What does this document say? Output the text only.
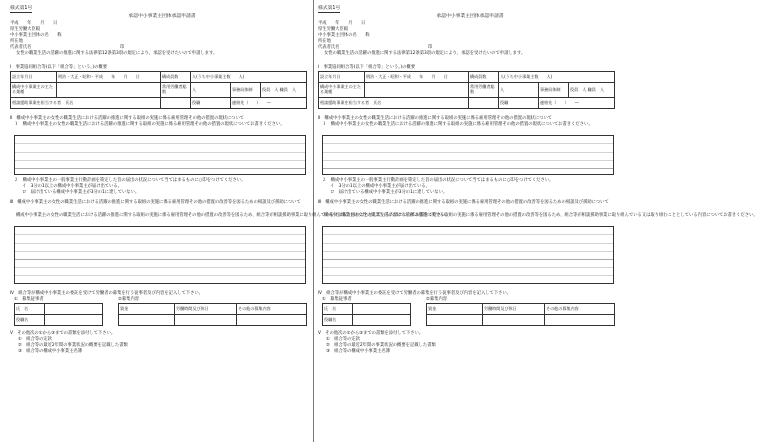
様式第1号
承認中小事業主団体承認申請書
平成　　年　　月　　日
厚生労働大臣殿
中小事業主団体の名　　称
所在地
代表者氏名	印
女性の職業生活の活躍の推進に関する法律第12条第3項の規定により、承認を受けたいので申請します。
Ⅰ　事業協同組合等(以下「組合等」という。)の概要
設立年月日	明治・大正・昭和・平成　　年　　月　　日	構成員数	人(うち中小事業主数　　人)		
構成中小事業主の主たる業種		常用労働者総数	人	事務局体制	役員　人 職員　人
相談援助事業を担当する者　 氏名			役職	連絡先（　　）　　―	
Ⅱ　構成中小事業主の女性の職業生活における活躍の推進に関する取組の実施に係る雇用管理その他の措置の現状について
１　構成中小事業主の女性の職業生活における活躍の推進に関する取組の実施に係る雇用管理その他の措置の現状についてお書きください。
２　構成中小事業主の一般事業主行動計画を策定した旨の届出の状況について当てはまるものに○印をつけてください。
イ　3分の1以上の構成中小事業主が届け出ている。
ロ　届け出ている構成中小事業主が3分の1に達していない。
Ⅲ　構成中小事業主の女性の職業生活における活躍の推進に関する取組の実施に係る雇用管理その他の措置の改善等を図るための相談及び援助について
構成中小事業主の女性の職業生活における活躍の推進に関する取組の実施に係る雇用管理その他の措置の改善等を図るため、組合等が相談援助事業に取り組んでいる又は取り組むこととしている内容についてお書きください。
Ⅳ　組合等が構成中小事業主の委託を受けて労働者の募集を行う従事者及び内容を記入して下さい。
①　募集従事者	②募集内容
氏　名	
役職名	
賃金	労働時間及び休日	その他の募集内容

Ⅴ　その他次の①から③までの書類を添付して下さい。
①　組合等の定款
②　組合等の最近2年間の事業状況の概要を記載した書類
③　組合等の構成中小事業主名簿
様式第1号
承認中小事業主団体承認申請書
平成　　年　　月　　日
厚生労働大臣殿
中小事業主団体の名　　称
所在地
代表者氏名	印
女性の職業生活の活躍の推進に関する法律第12条第3項の規定により、承認を受けたいので申請します。
Ⅰ　事業協同組合等(以下「組合等」という。)の概要
設立年月日	明治・大正・昭和・平成　　年　　月　　日	構成員数	人(うち中小事業主数　　人)		
構成中小事業主の主たる業種		常用労働者総数	人	事務局体制	役員　人 職員　人
相談援助事業を担当する者　 氏名			役職	連絡先（　　）　　―	
Ⅱ　構成中小事業主の女性の職業生活における活躍の推進に関する取組の実施に係る雇用管理その他の措置の現状について
１　構成中小事業主の女性の職業生活における活躍の推進に関する取組の実施に係る雇用管理その他の措置の現状についてお書きください。
２　構成中小事業主の一般事業主行動計画を策定した旨の届出の状況について当てはまるものに○印をつけてください。
イ　3分の1以上の構成中小事業主が届け出ている。
ロ　届け出ている構成中小事業主が3分の1に達していない。
Ⅲ　構成中小事業主の女性の職業生活における活躍の推進に関する取組の実施に係る雇用管理その他の措置の改善等を図るための相談及び援助について
構成中小事業主の女性の職業生活における活躍の推進に関する取組の実施に係る雇用管理その他の措置の改善等を図るため、組合等が相談援助事業に取り組んでいる又は取り組むこととしている内容についてお書きください。
Ⅳ　組合等が構成中小事業主の委託を受けて労働者の募集を行う従事者及び内容を記入して下さい。
①　募集従事者	②募集内容
氏　名	
役職名	
賃金	労働時間及び休日	その他の募集内容

Ⅴ　その他次の①から③までの書類を添付して下さい。
①　組合等の定款
②　組合等の最近2年間の事業状況の概要を記載した書類
③　組合等の構成中小事業主名簿
